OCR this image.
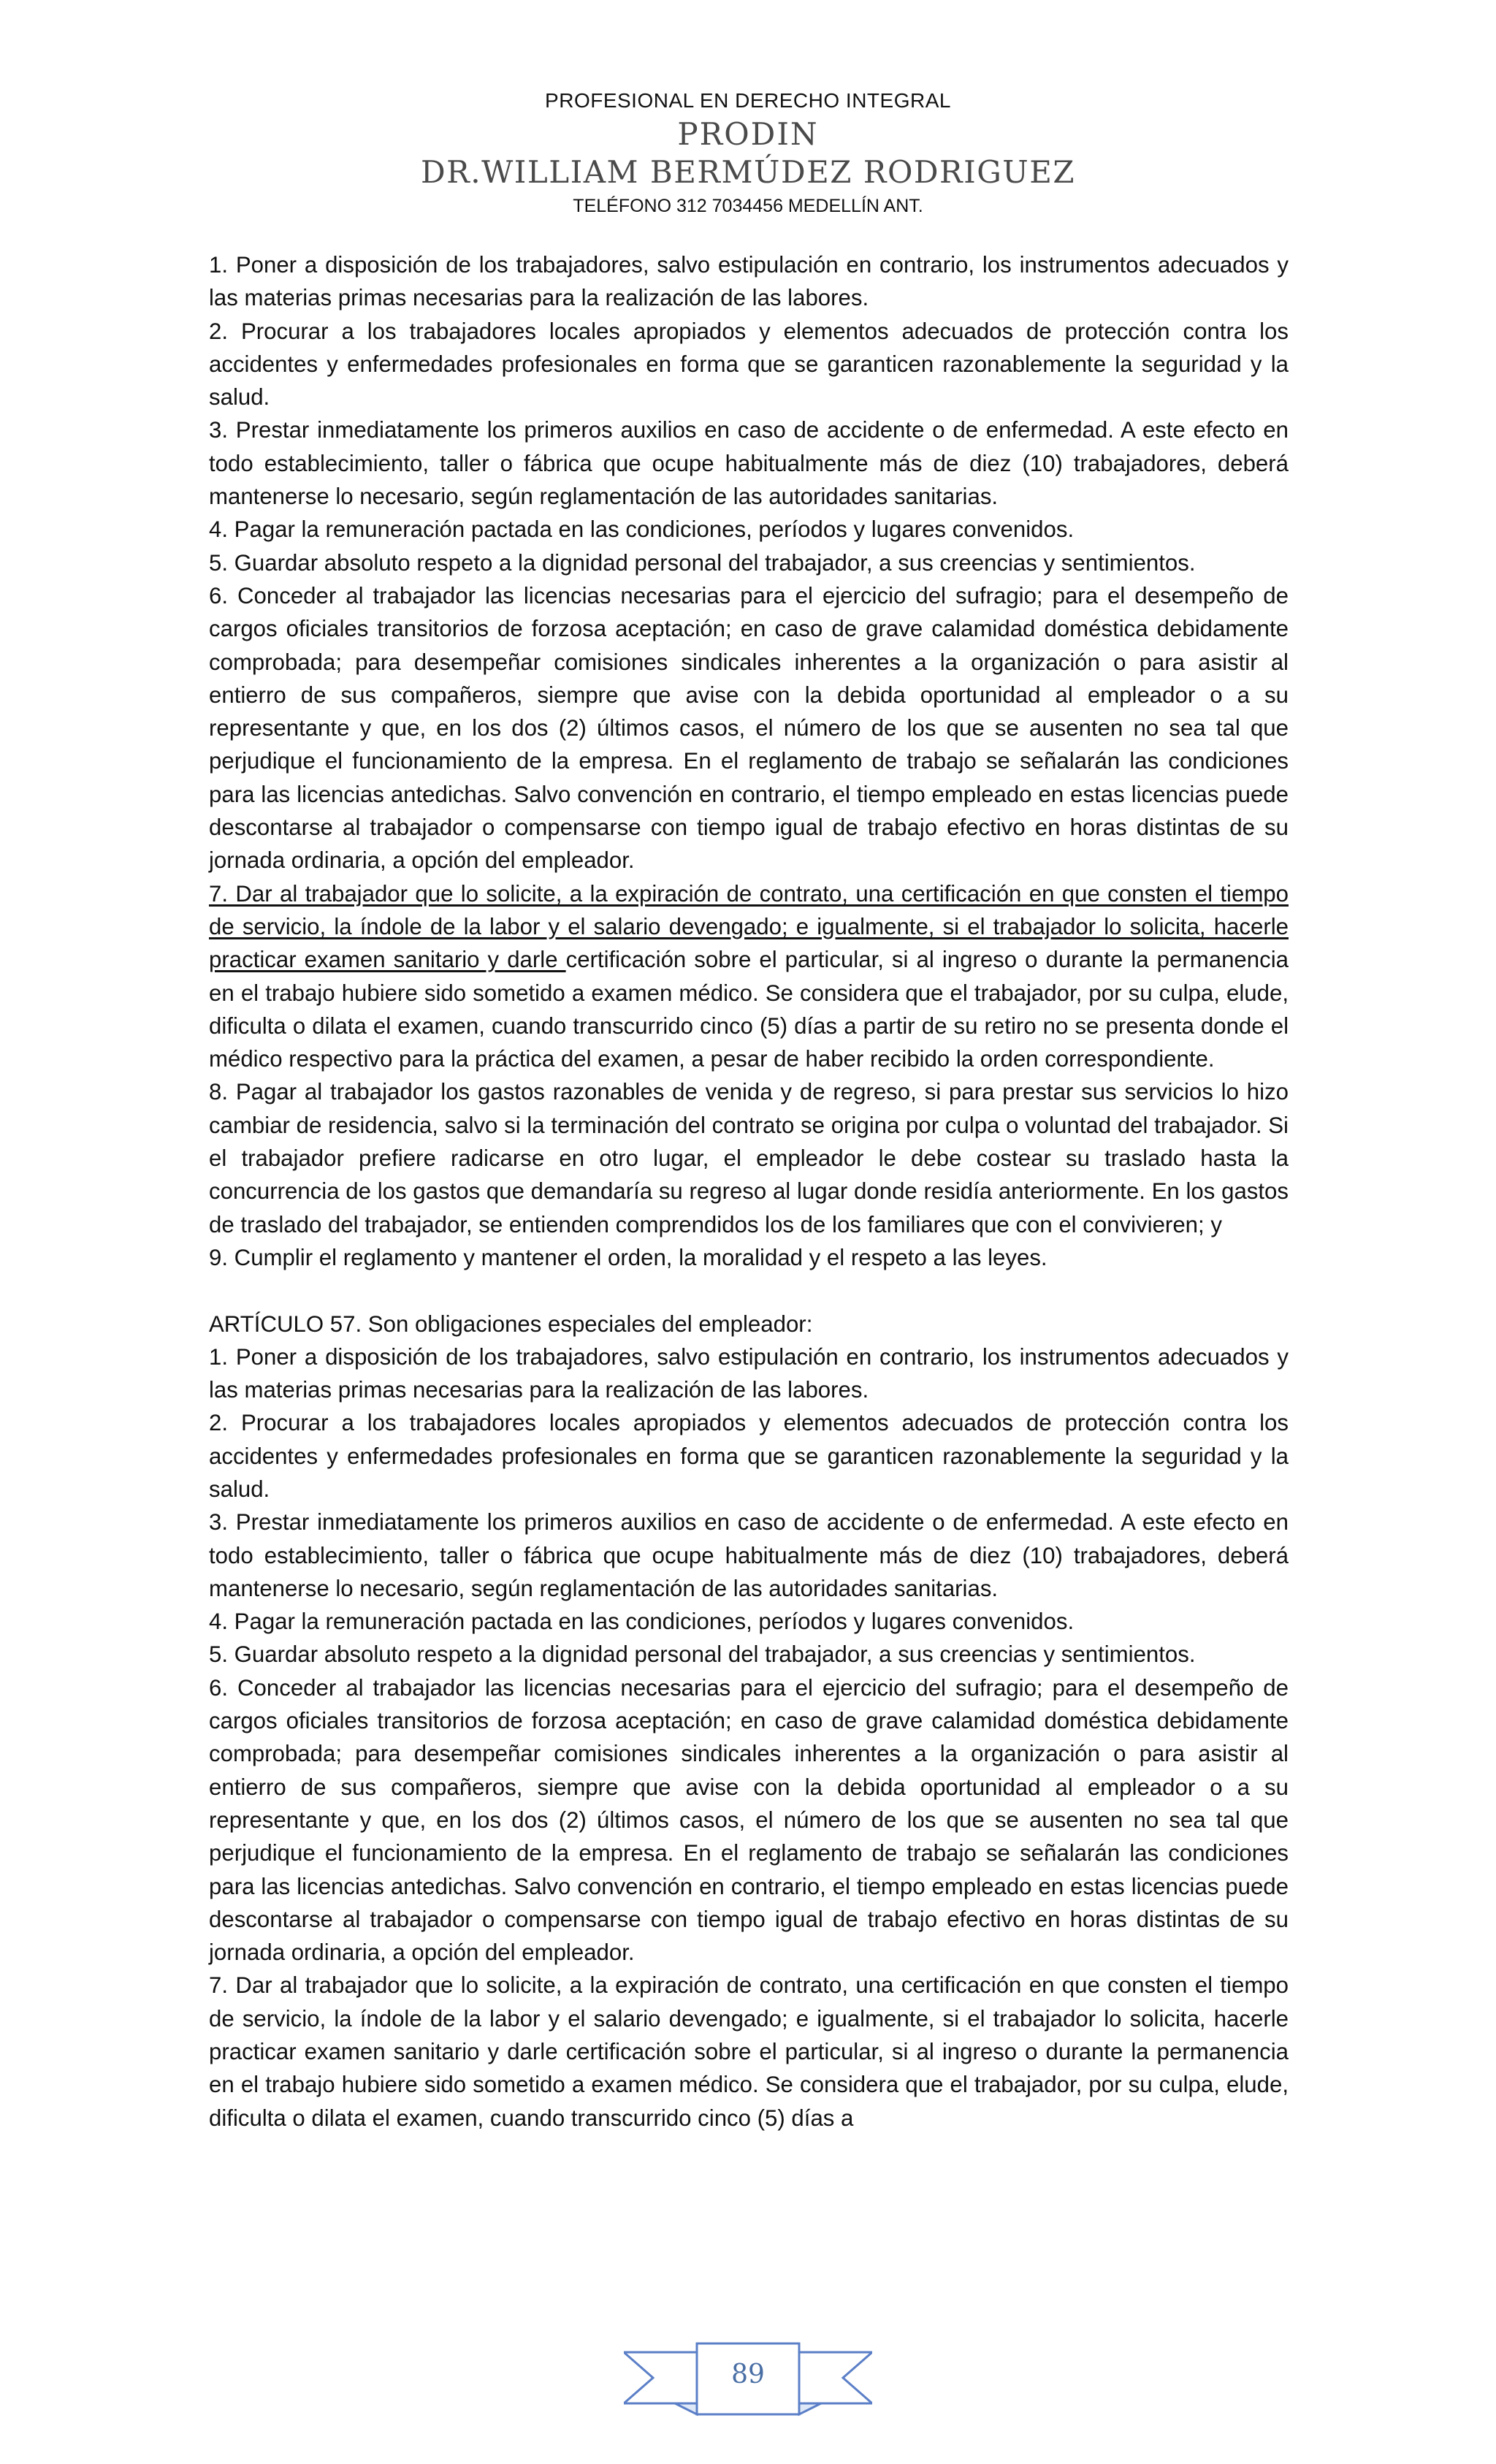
PROFESIONAL EN DERECHO INTEGRAL
PRODIN
DR.WILLIAM BERMÚDEZ RODRIGUEZ
TELÉFONO 312 7034456 MEDELLÍN ANT.

1. Poner a disposición de los trabajadores, salvo estipulación en contrario, los instrumentos adecuados y las materias primas necesarias para la realización de las labores.

2. Procurar a los trabajadores locales apropiados y elementos adecuados de protección contra los accidentes y enfermedades profesionales en forma que se garanticen razonablemente la seguridad y la salud.

3. Prestar inmediatamente los primeros auxilios en caso de accidente o de enfermedad. A este efecto en todo establecimiento, taller o fábrica que ocupe habitualmente más de diez (10) trabajadores, deberá mantenerse lo necesario, según reglamentación de las autoridades sanitarias.

4. Pagar la remuneración pactada en las condiciones, períodos y lugares convenidos.

5. Guardar absoluto respeto a la dignidad personal del trabajador, a sus creencias y sentimientos.

6. Conceder al trabajador las licencias necesarias para el ejercicio del sufragio; para el desempeño de cargos oficiales transitorios de forzosa aceptación; en caso de grave calamidad doméstica debidamente comprobada; para desempeñar comisiones sindicales inherentes a la organización o para asistir al entierro de sus compañeros, siempre que avise con la debida oportunidad al empleador o a su representante y que, en los dos (2) últimos casos, el número de los que se ausenten no sea tal que perjudique el funcionamiento de la empresa. En el reglamento de trabajo se señalarán las condiciones para las licencias antedichas. Salvo convención en contrario, el tiempo empleado en estas licencias puede descontarse al trabajador o compensarse con tiempo igual de trabajo efectivo en horas distintas de su jornada ordinaria, a opción del empleador.

7. Dar al trabajador que lo solicite, a la expiración de contrato, una certificación en que consten el tiempo de servicio, la índole de la labor y el salario devengado; e igualmente, si el trabajador lo solicita, hacerle practicar examen sanitario y darle certificación sobre el particular, si al ingreso o durante la permanencia en el trabajo hubiere sido sometido a examen médico. Se considera que el trabajador, por su culpa, elude, dificulta o dilata el examen, cuando transcurrido cinco (5) días a partir de su retiro no se presenta donde el médico respectivo para la práctica del examen, a pesar de haber recibido la orden correspondiente.

8. Pagar al trabajador los gastos razonables de venida y de regreso, si para prestar sus servicios lo hizo cambiar de residencia, salvo si la terminación del contrato se origina por culpa o voluntad del trabajador. Si el trabajador prefiere radicarse en otro lugar, el empleador le debe costear su traslado hasta la concurrencia de los gastos que demandaría su regreso al lugar donde residía anteriormente. En los gastos de traslado del trabajador, se entienden comprendidos los de los familiares que con el convivieren; y

9. Cumplir el reglamento y mantener el orden, la moralidad y el respeto a las leyes.

ARTÍCULO 57. Son obligaciones especiales del empleador:

1. Poner a disposición de los trabajadores, salvo estipulación en contrario, los instrumentos adecuados y las materias primas necesarias para la realización de las labores.

2. Procurar a los trabajadores locales apropiados y elementos adecuados de protección contra los accidentes y enfermedades profesionales en forma que se garanticen razonablemente la seguridad y la salud.

3. Prestar inmediatamente los primeros auxilios en caso de accidente o de enfermedad. A este efecto en todo establecimiento, taller o fábrica que ocupe habitualmente más de diez (10) trabajadores, deberá mantenerse lo necesario, según reglamentación de las autoridades sanitarias.

4. Pagar la remuneración pactada en las condiciones, períodos y lugares convenidos.

5. Guardar absoluto respeto a la dignidad personal del trabajador, a sus creencias y sentimientos.

6. Conceder al trabajador las licencias necesarias para el ejercicio del sufragio; para el desempeño de cargos oficiales transitorios de forzosa aceptación; en caso de grave calamidad doméstica debidamente comprobada; para desempeñar comisiones sindicales inherentes a la organización o para asistir al entierro de sus compañeros, siempre que avise con la debida oportunidad al empleador o a su representante y que, en los dos (2) últimos casos, el número de los que se ausenten no sea tal que perjudique el funcionamiento de la empresa. En el reglamento de trabajo se señalarán las condiciones para las licencias antedichas. Salvo convención en contrario, el tiempo empleado en estas licencias puede descontarse al trabajador o compensarse con tiempo igual de trabajo efectivo en horas distintas de su jornada ordinaria, a opción del empleador.

7. Dar al trabajador que lo solicite, a la expiración de contrato, una certificación en que consten el tiempo de servicio, la índole de la labor y el salario devengado; e igualmente, si el trabajador lo solicita, hacerle practicar examen sanitario y darle certificación sobre el particular, si al ingreso o durante la permanencia en el trabajo hubiere sido sometido a examen médico. Se considera que el trabajador, por su culpa, elude, dificulta o dilata el examen, cuando transcurrido cinco (5) días a

89
